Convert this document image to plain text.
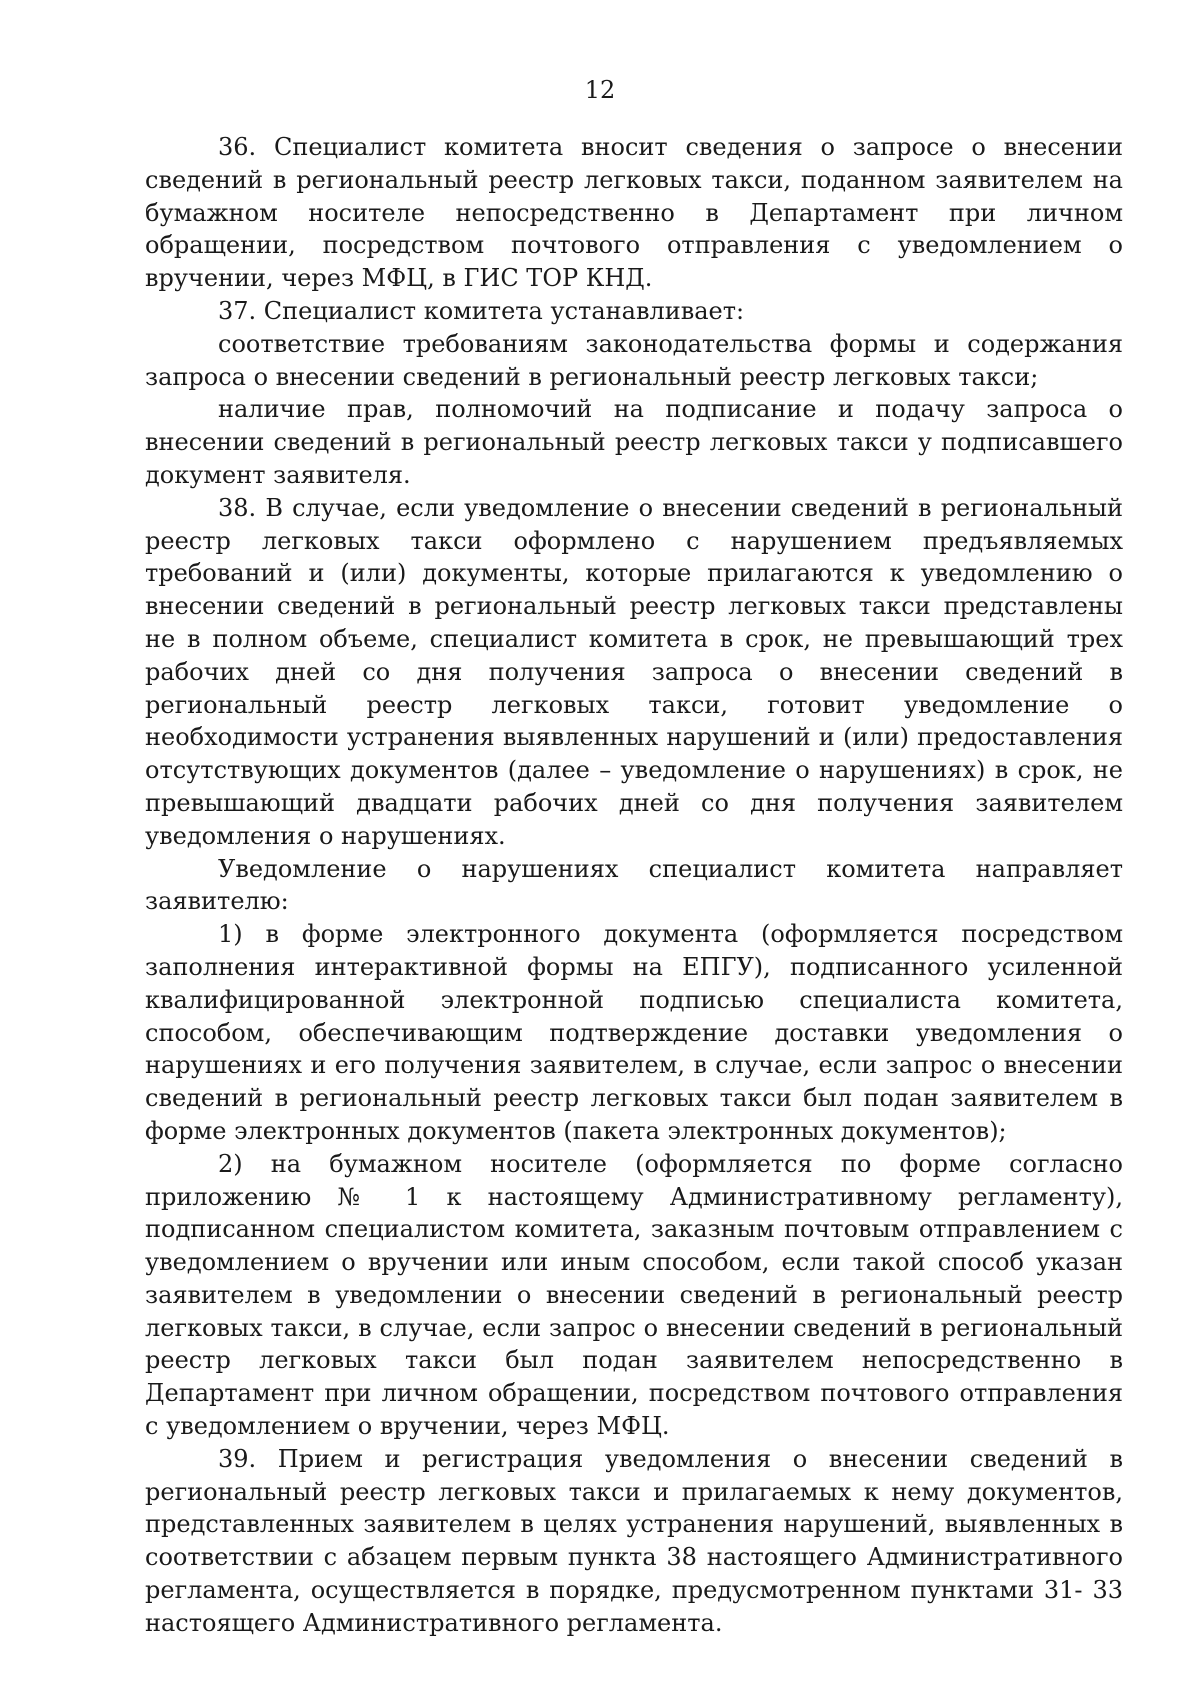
12

36. Специалист комитета вносит сведения о запросе о внесении сведений в региональный реестр легковых такси, поданном заявителем на бумажном носителе непосредственно в Департамент при личном обращении, посредством почтового отправления с уведомлением о вручении, через МФЦ, в ГИС ТОР КНД.

37. Специалист комитета устанавливает:

соответствие требованиям законодательства формы и содержания запроса о внесении сведений в региональный реестр легковых такси;

наличие прав, полномочий на подписание и подачу запроса о внесении сведений в региональный реестр легковых такси у подписавшего документ заявителя.

38. В случае, если уведомление о внесении сведений в региональный реестр легковых такси оформлено с нарушением предъявляемых требований и (или) документы, которые прилагаются к уведомлению о внесении сведений в региональный реестр легковых такси представлены не в полном объеме, специалист комитета в срок, не превышающий трех рабочих дней со дня получения запроса о внесении сведений в региональный реестр легковых такси, готовит уведомление о необходимости устранения выявленных нарушений и (или) предоставления отсутствующих документов (далее – уведомление о нарушениях) в срок, не превышающий двадцати рабочих дней со дня получения заявителем уведомления о нарушениях.

Уведомление о нарушениях специалист комитета направляет заявителю:

1) в форме электронного документа (оформляется посредством заполнения интерактивной формы на ЕПГУ), подписанного усиленной квалифицированной электронной подписью специалиста комитета, способом, обеспечивающим подтверждение доставки уведомления о нарушениях и его получения заявителем, в случае, если запрос о внесении сведений в региональный реестр легковых такси был подан заявителем в форме электронных документов (пакета электронных документов);

2) на бумажном носителе (оформляется по форме согласно приложению № 1 к настоящему Административному регламенту), подписанном специалистом комитета, заказным почтовым отправлением с уведомлением о вручении или иным способом, если такой способ указан заявителем в уведомлении о внесении сведений в региональный реестр легковых такси, в случае, если запрос о внесении сведений в региональный реестр легковых такси был подан заявителем непосредственно в Департамент при личном обращении, посредством почтового отправления с уведомлением о вручении, через МФЦ.

39. Прием и регистрация уведомления о внесении сведений в региональный реестр легковых такси и прилагаемых к нему документов, представленных заявителем в целях устранения нарушений, выявленных в соответствии с абзацем первым пункта 38 настоящего Административного регламента, осуществляется в порядке, предусмотренном пунктами 31- 33 настоящего Административного регламента.
